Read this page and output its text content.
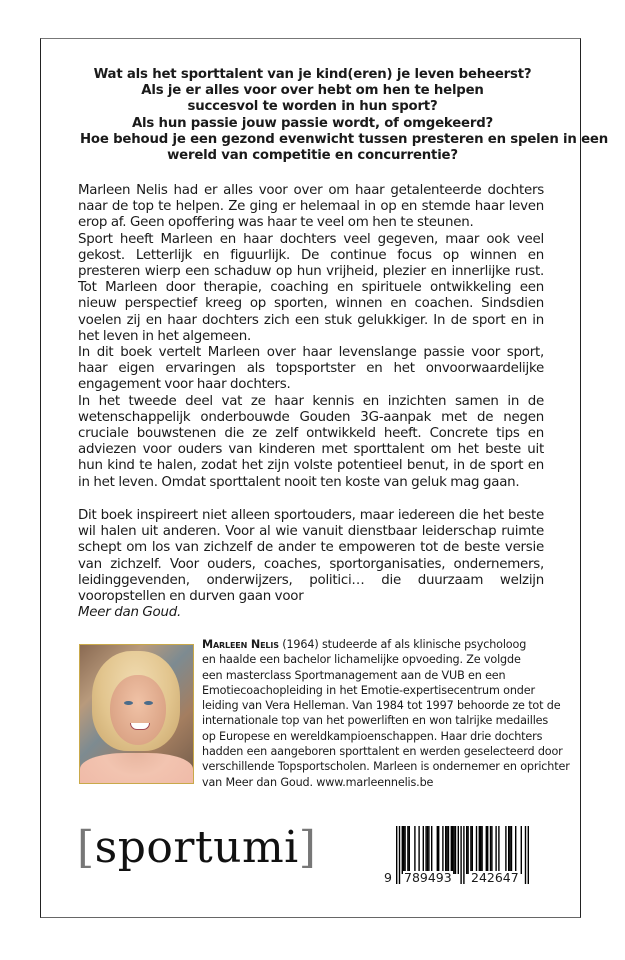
Wat als het sporttalent van je kind(eren) je leven beheerst?
Als je er alles voor over hebt om hen te helpen
succesvol te worden in hun sport?
Als hun passie jouw passie wordt, of omgekeerd?
Hoe behoud je een gezond evenwicht tussen presteren en spelen in een
wereld van competitie en concurrentie?

Marleen Nelis had er alles voor over om haar getalenteerde dochters naar de top te helpen. Ze ging er helemaal in op en stemde haar leven erop af. Geen opoffering was haar te veel om hen te steunen.

Sport heeft Marleen en haar dochters veel gegeven, maar ook veel gekost. Letterlijk en figuurlijk. De continue focus op winnen en presteren wierp een schaduw op hun vrijheid, plezier en innerlijke rust. Tot Marleen door therapie, coaching en spirituele ontwikkeling een nieuw perspectief kreeg op sporten, winnen en coachen. Sindsdien voelen zij en haar dochters zich een stuk gelukkiger. In de sport en in het leven in het algemeen.

In dit boek vertelt Marleen over haar levenslange passie voor sport, haar eigen ervaringen als topsportster en het onvoorwaardelijke engagement voor haar dochters.

In het tweede deel vat ze haar kennis en inzichten samen in de wetenschappelijk onderbouwde Gouden 3G-aanpak met de negen cruciale bouwstenen die ze zelf ontwikkeld heeft. Concrete tips en adviezen voor ouders van kinderen met sporttalent om het beste uit hun kind te halen, zodat het zijn volste potentieel benut, in de sport en in het leven. Omdat sporttalent nooit ten koste van geluk mag gaan.

Dit boek inspireert niet alleen sportouders, maar iedereen die het beste wil halen uit anderen. Voor al wie vanuit dienstbaar leiderschap ruimte schept om los van zichzelf de ander te empoweren tot de beste versie van zichzelf. Voor ouders, coaches, sportorganisaties, ondernemers, leidinggevenden, onderwijzers, politici… die duurzaam welzijn vooropstellen en durven gaan voor
Meer dan Goud.

Marleen Nelis (1964) studeerde af als klinische psycholoog
en haalde een bachelor lichamelijke opvoeding. Ze volgde
een masterclass Sportmanagement aan de VUB en een
Emotiecoachopleiding in het Emotie-expertisecentrum onder
leiding van Vera Helleman. Van 1984 tot 1997 behoorde ze tot de
internationale top van het powerliften en won talrijke medailles
op Europese en wereldkampioenschappen. Haar drie dochters
hadden een aangeboren sporttalent en werden geselecteerd door
verschillende Topsportscholen. Marleen is ondernemer en oprichter
van Meer dan Goud. www.marleennelis.be
[sportumi]
9 789493 242647
